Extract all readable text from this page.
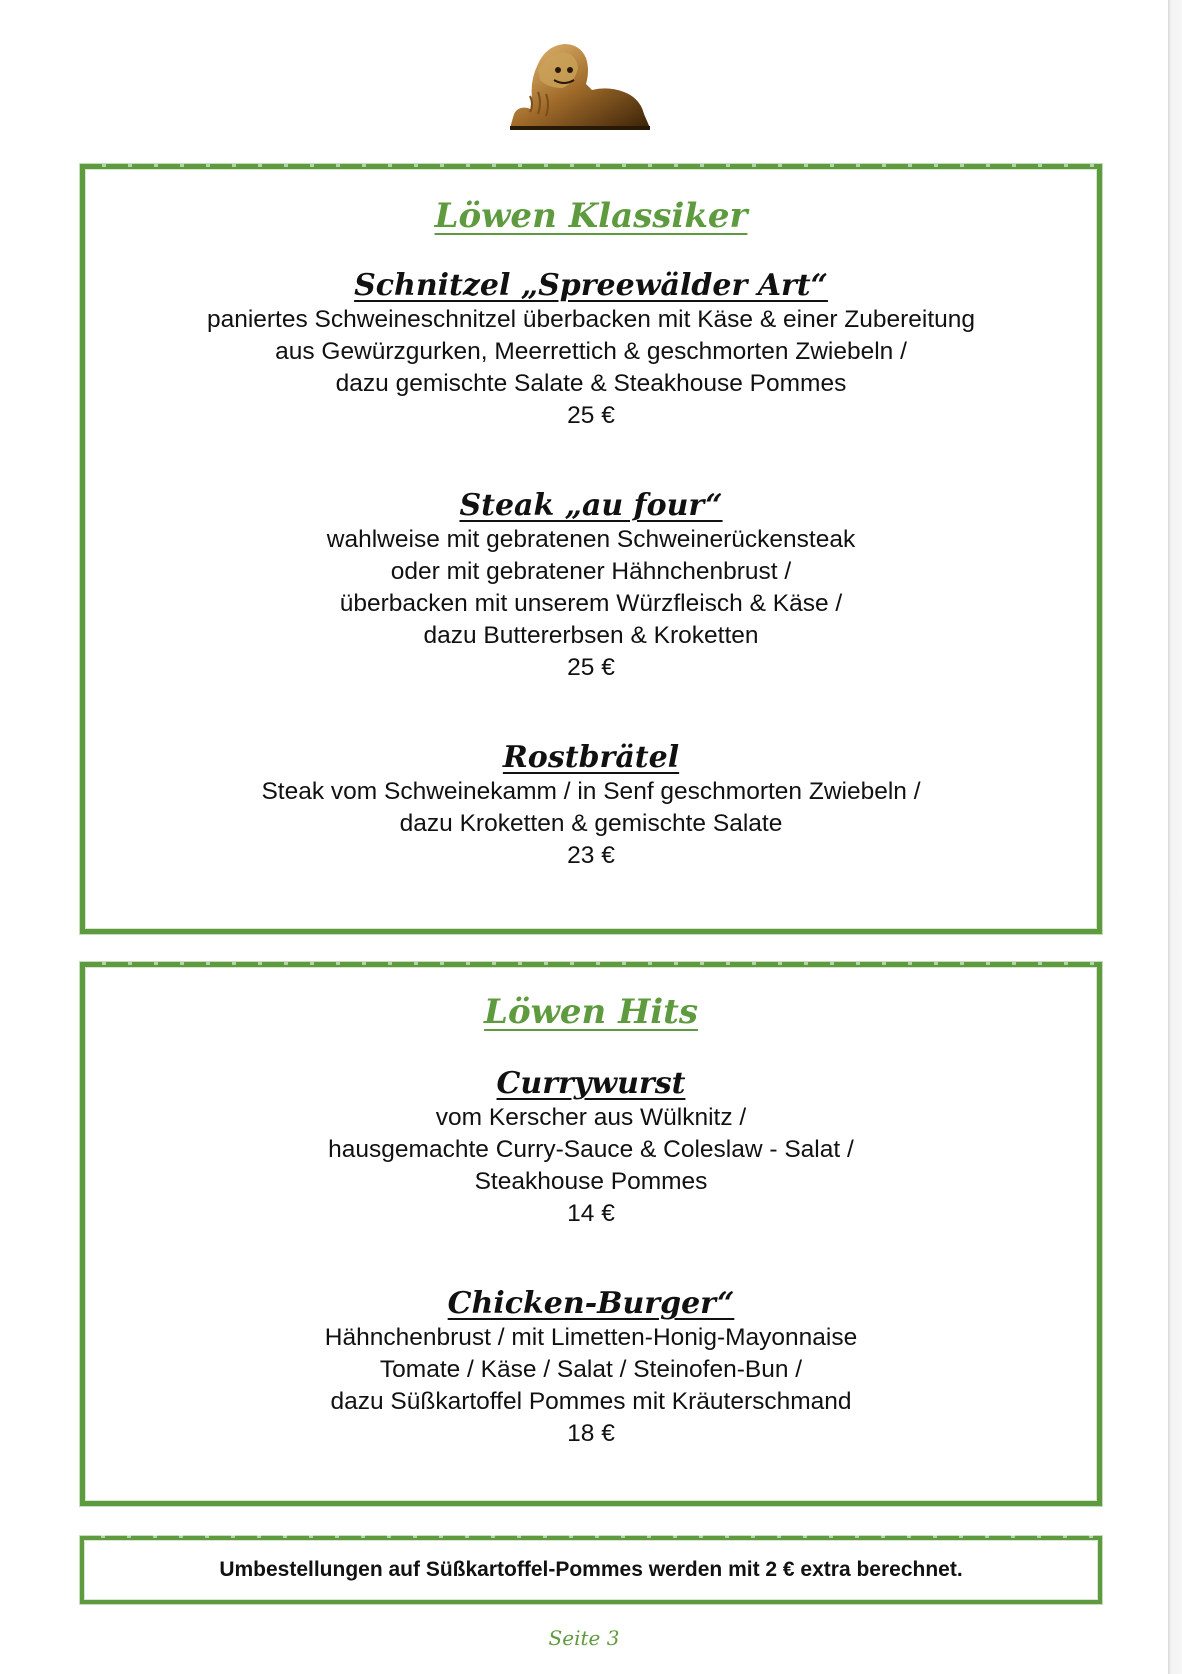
Löwen Klassiker
Schnitzel „Spreewälder Art“

paniertes Schweineschnitzel überbacken mit Käse & einer Zubereitung

aus Gewürzgurken, Meerrettich & geschmorten Zwiebeln /

dazu gemischte Salate & Steakhouse Pommes

25 €

Steak „au four“

wahlweise mit gebratenen Schweinerückensteak

oder mit gebratener Hähnchenbrust /

überbacken mit unserem Würzfleisch & Käse /

dazu Buttererbsen & Kroketten

25 €

Rostbrätel

Steak vom Schweinekamm / in Senf geschmorten Zwiebeln /

dazu Kroketten & gemischte Salate

23 €

Löwen Hits
Currywurst

vom Kerscher aus Wülknitz /

hausgemachte Curry-Sauce & Coleslaw - Salat /

Steakhouse Pommes

14 €

Chicken-Burger“

Hähnchenbrust / mit Limetten-Honig-Mayonnaise

Tomate / Käse / Salat / Steinofen-Bun /

dazu Süßkartoffel Pommes mit Kräuterschmand

18 €

Umbestellungen auf Süßkartoffel-Pommes werden mit 2 € extra berechnet.
Seite 3
